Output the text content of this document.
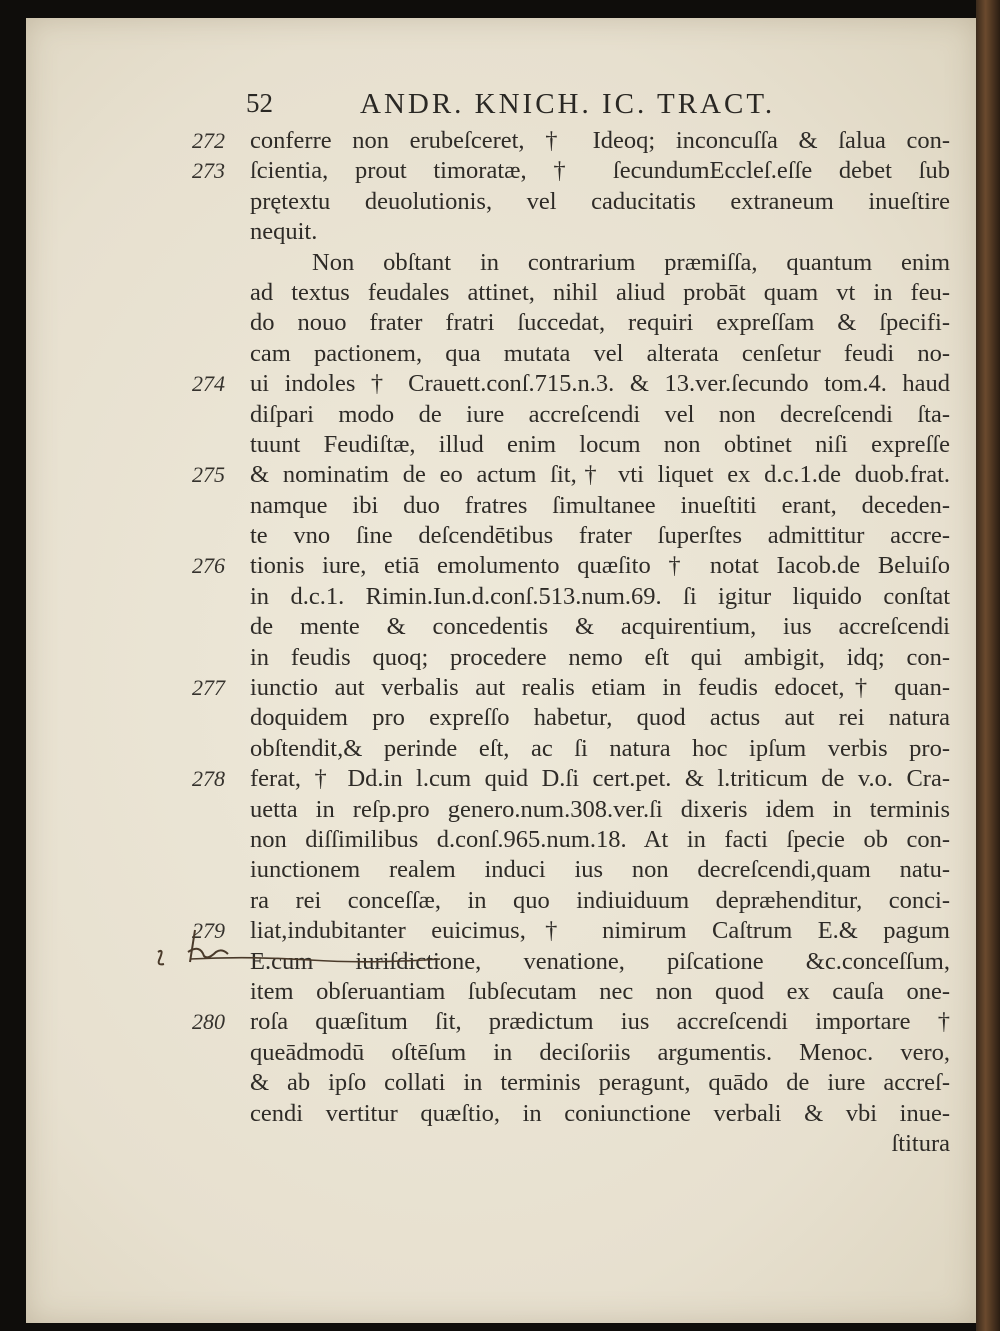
52	ANDR. KNICH. IC. TRACT.
272 conferre non erubeſceret, † Ideoq; inconcuſſa & ſalua con-
273 ſcientia, prout timoratæ, † ſecundumEccleſ.eſſe debet ſub
prętextu deuolutionis, vel caducitatis extraneum inueſtire
nequit.
Non obſtant in contrarium præmiſſa, quantum enim
ad textus feudales attinet, nihil aliud probāt quam vt in feu-
do nouo frater fratri ſuccedat, requiri expreſſam & ſpecifi-
cam pactionem, qua mutata vel alterata cenſetur feudi no-
274 ui indoles † Crauett.conſ.715.n.3. & 13.ver.ſecundo tom.4. haud
diſpari modo de iure accreſcendi vel non decreſcendi ſta-
tuunt Feudiſtæ, illud enim locum non obtinet niſi expreſſe
275 & nominatim de eo actum ſit,† vti liquet ex d.c.1.de duob.frat.
namque ibi duo fratres ſimultanee inueſtiti erant, deceden-
te vno ſine deſcendētibus frater ſuperſtes admittitur accre-
276 tionis iure, etiā emolumento quæſito † notat Iacob.de Beluiſo
in d.c.1. Rimin.Iun.d.conſ.513.num.69. ſi igitur liquido conſtat
de mente & concedentis & acquirentium, ius accreſcendi
in feudis quoq; procedere nemo eſt qui ambigit, idq; con-
277 iunctio aut verbalis aut realis etiam in feudis edocet,† quan-
doquidem pro expreſſo habetur, quod actus aut rei natura
obſtendit,& perinde eſt, ac ſi natura hoc ipſum verbis pro-
278 ferat, † Dd.in l.cum quid D.ſi cert.pet. & l.triticum de v.o. Cra-
uetta in reſp.pro genero.num.308.ver.ſi dixeris idem in terminis
non diſſimilibus d.conſ.965.num.18. At in facti ſpecie ob con-
iunctionem realem induci ius non decreſcendi,quam natu-
ra rei conceſſæ, in quo indiuiduum depræhenditur, conci-
279 liat,indubitanter euicimus,† nimirum Caſtrum E.& pagum
E.cum iuriſdictione, venatione, piſcatione &c.conceſſum,
item obſeruantiam ſubſecutam nec non quod ex cauſa one-
280 roſa quæſitum ſit, prædictum ius accreſcendi importare †
queādmodū oſtēſum in deciſoriis argumentis. Menoc. vero,
& ab ipſo collati in terminis peragunt, quādo de iure accreſ-
cendi vertitur quæſtio, in coniunctione verbali & vbi inue-
ſtitura
